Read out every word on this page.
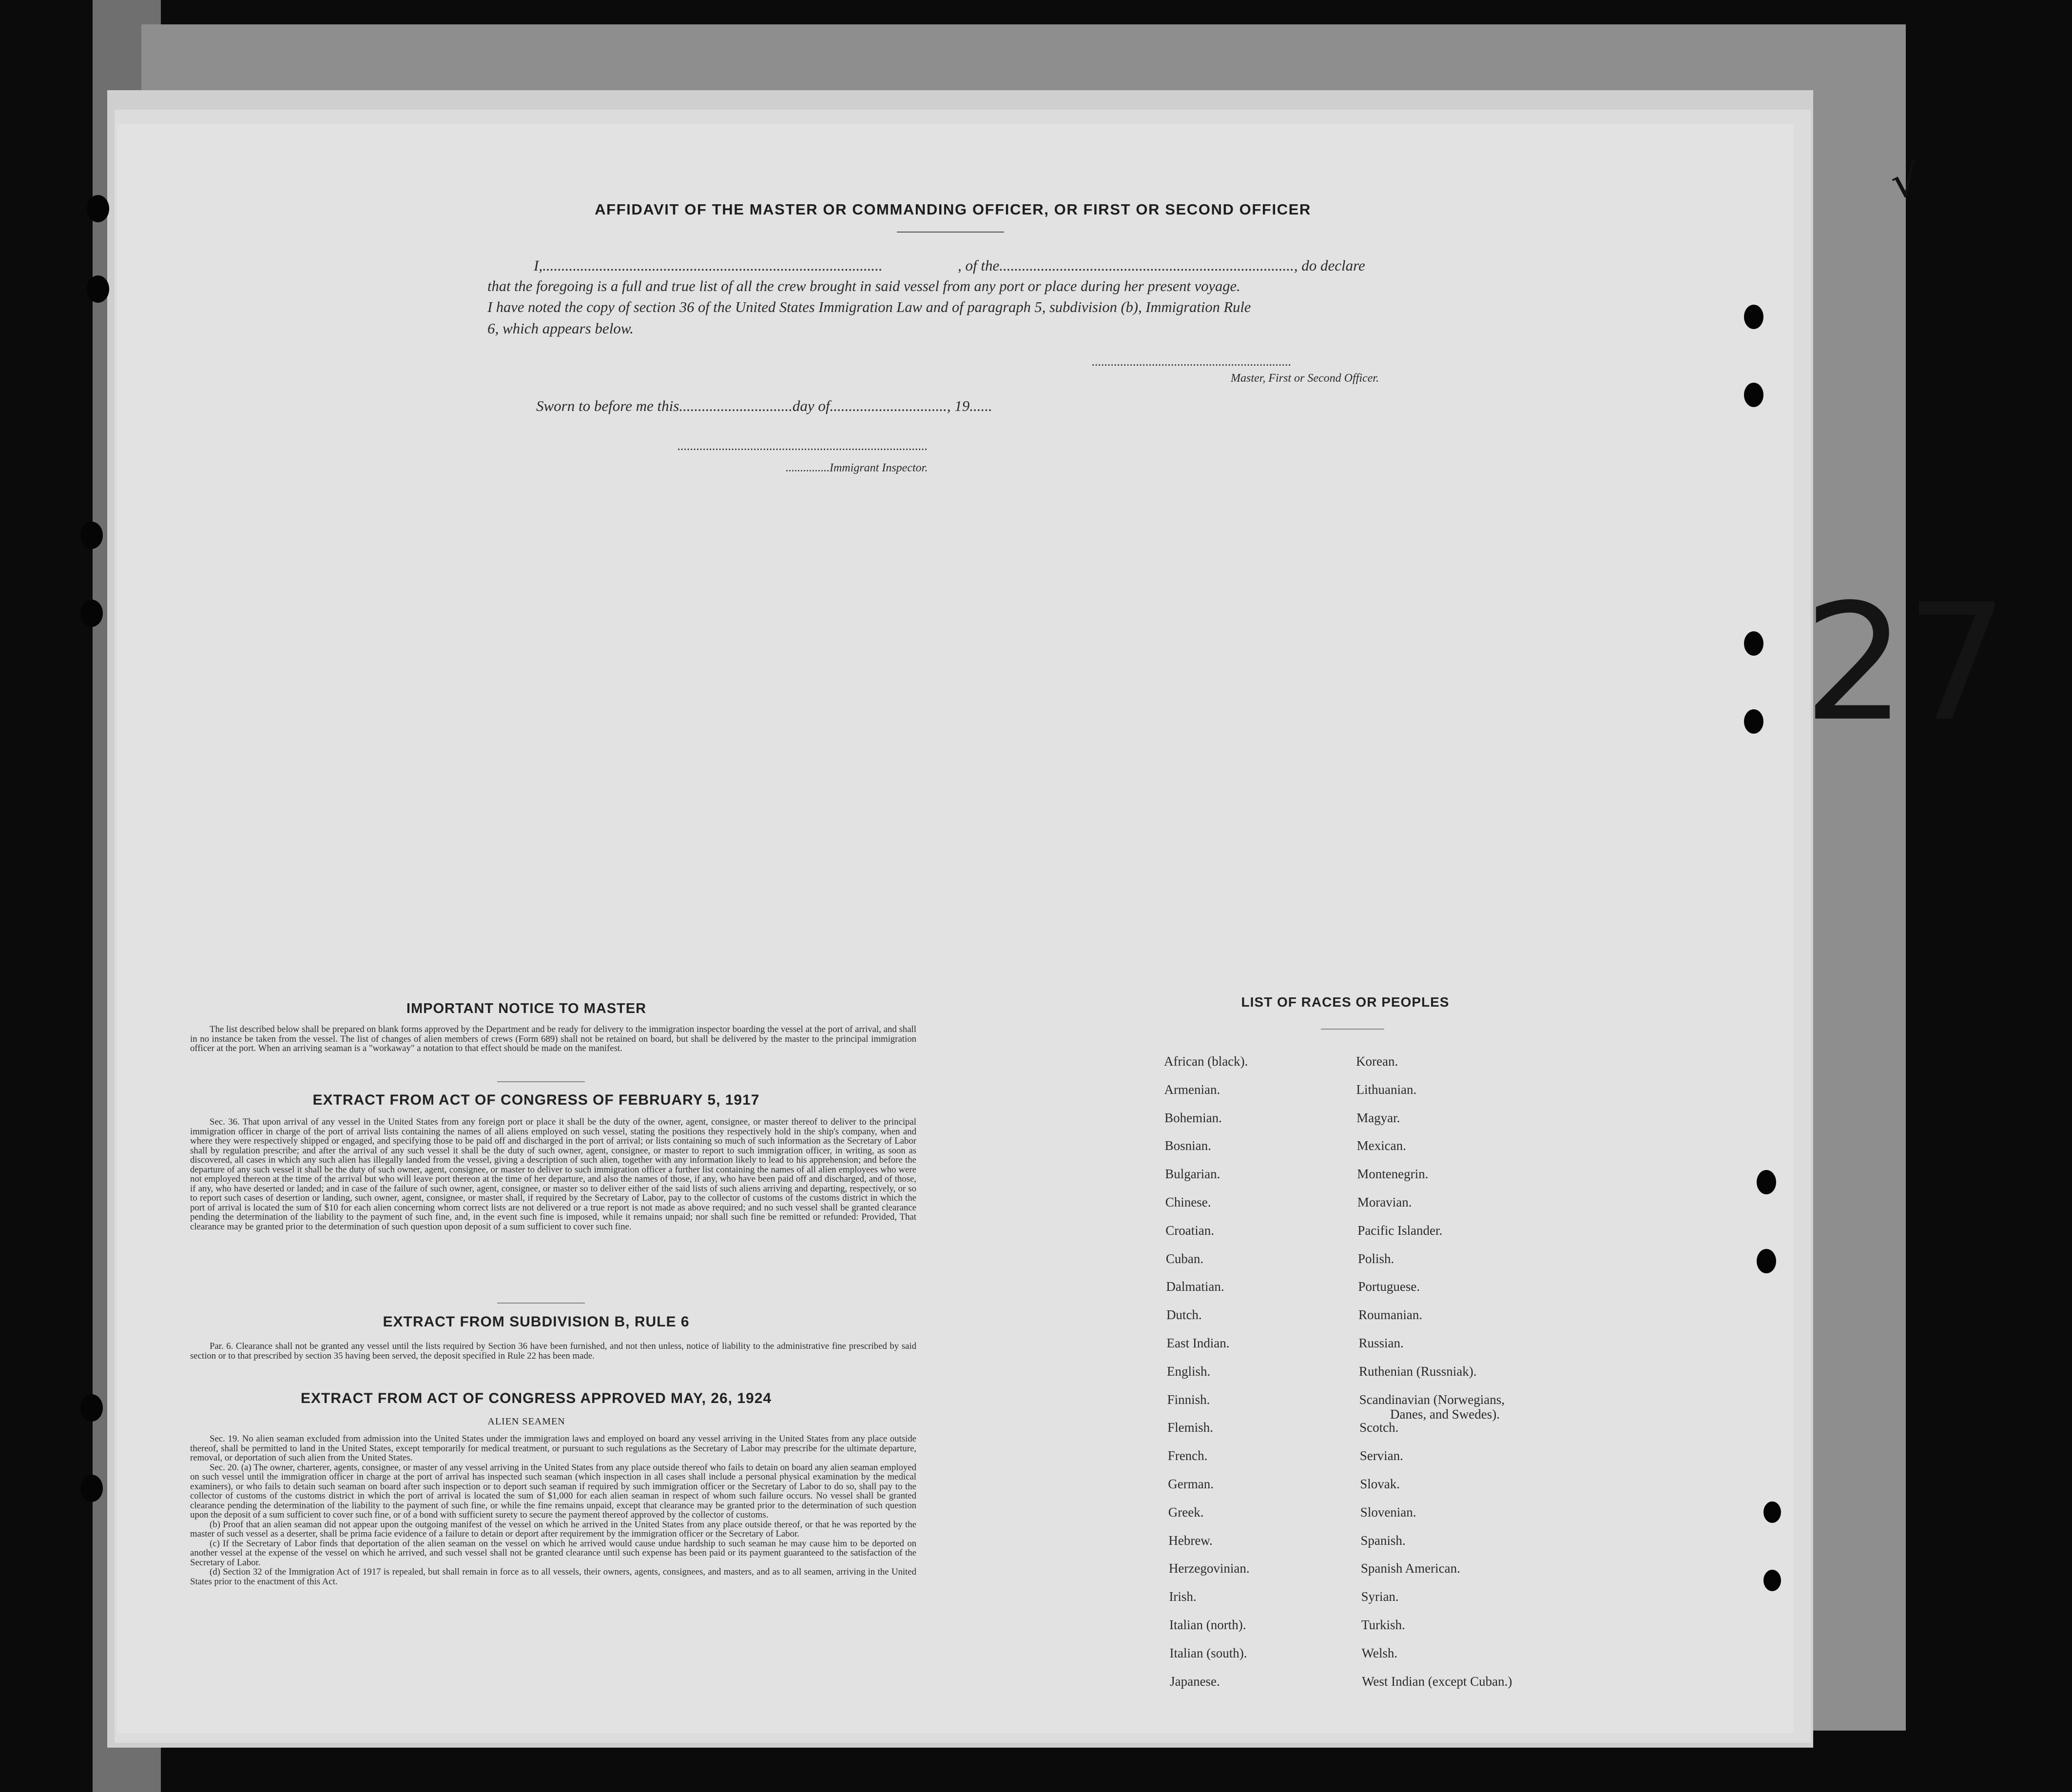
√
27
AFFIDAVIT OF THE MASTER OR COMMANDING OFFICER, OR FIRST OR SECOND OFFICER
I,..........................................................................................	, of the.............................................................................., do declare
that the foregoing is a full and true list of all the crew brought in said vessel from any port or place during her present voyage.
I have noted the copy of section 36 of the United States Immigration Law and of paragraph 5, subdivision (b), Immigration Rule
6, which appears below.
...............................................................
Master, First or Second Officer.
Sworn to before me this..............................day of..............................., 19......
...............................................................................
...............Immigrant Inspector.
IMPORTANT NOTICE TO MASTER

The list described below shall be prepared on blank forms approved by the Department and be ready for delivery to the immigration inspector boarding the vessel at the port of arrival, and shall in no instance be taken from the vessel. The list of changes of alien members of crews (Form 689) shall not be retained on board, but shall be delivered by the master to the principal immigration officer at the port. When an arriving seaman is a "workaway" a notation to that effect should be made on the manifest.

EXTRACT FROM ACT OF CONGRESS OF FEBRUARY 5, 1917

Sec. 36. That upon arrival of any vessel in the United States from any foreign port or place it shall be the duty of the owner, agent, consignee, or master thereof to deliver to the principal immigration officer in charge of the port of arrival lists containing the names of all aliens employed on such vessel, stating the positions they respectively hold in the ship's company, when and where they were respectively shipped or engaged, and specifying those to be paid off and discharged in the port of arrival; or lists containing so much of such information as the Secretary of Labor shall by regulation prescribe; and after the arrival of any such vessel it shall be the duty of such owner, agent, consignee, or master to report to such immigration officer, in writing, as soon as discovered, all cases in which any such alien has illegally landed from the vessel, giving a description of such alien, together with any information likely to lead to his apprehension; and before the departure of any such vessel it shall be the duty of such owner, agent, consignee, or master to deliver to such immigration officer a further list containing the names of all alien employees who were not employed thereon at the time of the arrival but who will leave port thereon at the time of her departure, and also the names of those, if any, who have been paid off and discharged, and of those, if any, who have deserted or landed; and in case of the failure of such owner, agent, consignee, or master so to deliver either of the said lists of such aliens arriving and departing, respectively, or so to report such cases of desertion or landing, such owner, agent, consignee, or master shall, if required by the Secretary of Labor, pay to the collector of customs of the customs district in which the port of arrival is located the sum of $10 for each alien concerning whom correct lists are not delivered or a true report is not made as above required; and no such vessel shall be granted clearance pending the determination of the liability to the payment of such fine, and, in the event such fine is imposed, while it remains unpaid; nor shall such fine be remitted or refunded: Provided, That clearance may be granted prior to the determination of such question upon deposit of a sum sufficient to cover such fine.

EXTRACT FROM SUBDIVISION B, RULE 6

Par. 6. Clearance shall not be granted any vessel until the lists required by Section 36 have been furnished, and not then unless, notice of liability to the administrative fine prescribed by said section or to that prescribed by section 35 having been served, the deposit specified in Rule 22 has been made.

EXTRACT FROM ACT OF CONGRESS APPROVED MAY, 26, 1924
ALIEN SEAMEN

Sec. 19. No alien seaman excluded from admission into the United States under the immigration laws and employed on board any vessel arriving in the United States from any place outside thereof, shall be permitted to land in the United States, except temporarily for medical treatment, or pursuant to such regulations as the Secretary of Labor may prescribe for the ultimate departure, removal, or deportation of such alien from the United States.

Sec. 20. (a) The owner, charterer, agents, consignee, or master of any vessel arriving in the United States from any place outside thereof who fails to detain on board any alien seaman employed on such vessel until the immigration officer in charge at the port of arrival has inspected such seaman (which inspection in all cases shall include a personal physical examination by the medical examiners), or who fails to detain such seaman on board after such inspection or to deport such seaman if required by such immigration officer or the Secretary of Labor to do so, shall pay to the collector of customs of the customs district in which the port of arrival is located the sum of $1,000 for each alien seaman in respect of whom such failure occurs. No vessel shall be granted clearance pending the determination of the liability to the payment of such fine, or while the fine remains unpaid, except that clearance may be granted prior to the determination of such question upon the deposit of a sum sufficient to cover such fine, or of a bond with sufficient surety to secure the payment thereof approved by the collector of customs.

(b) Proof that an alien seaman did not appear upon the outgoing manifest of the vessel on which he arrived in the United States from any place outside thereof, or that he was reported by the master of such vessel as a deserter, shall be prima facie evidence of a failure to detain or deport after requirement by the immigration officer or the Secretary of Labor.

(c) If the Secretary of Labor finds that deportation of the alien seaman on the vessel on which he arrived would cause undue hardship to such seaman he may cause him to be deported on another vessel at the expense of the vessel on which he arrived, and such vessel shall not be granted clearance until such expense has been paid or its payment guaranteed to the satisfaction of the Secretary of Labor.

(d) Section 32 of the Immigration Act of 1917 is repealed, but shall remain in force as to all vessels, their owners, agents, consignees, and masters, and as to all seamen, arriving in the United States prior to the enactment of this Act.

LIST OF RACES OR PEOPLES
African (black).
Armenian.
Bohemian.
Bosnian.
Bulgarian.
Chinese.
Croatian.
Cuban.
Dalmatian.
Dutch.
East Indian.
English.
Finnish.
Flemish.
French.
German.
Greek.
Hebrew.
Herzegovinian.
Irish.
Italian (north).
Italian (south).
Japanese.
Korean.
Lithuanian.
Magyar.
Mexican.
Montenegrin.
Moravian.
Pacific Islander.
Polish.
Portuguese.
Roumanian.
Russian.
Ruthenian (Russniak).
Scandinavian (Norwegians,
Danes, and Swedes).
Scotch.
Servian.
Slovak.
Slovenian.
Spanish.
Spanish American.
Syrian.
Turkish.
Welsh.
West Indian (except Cuban.)
